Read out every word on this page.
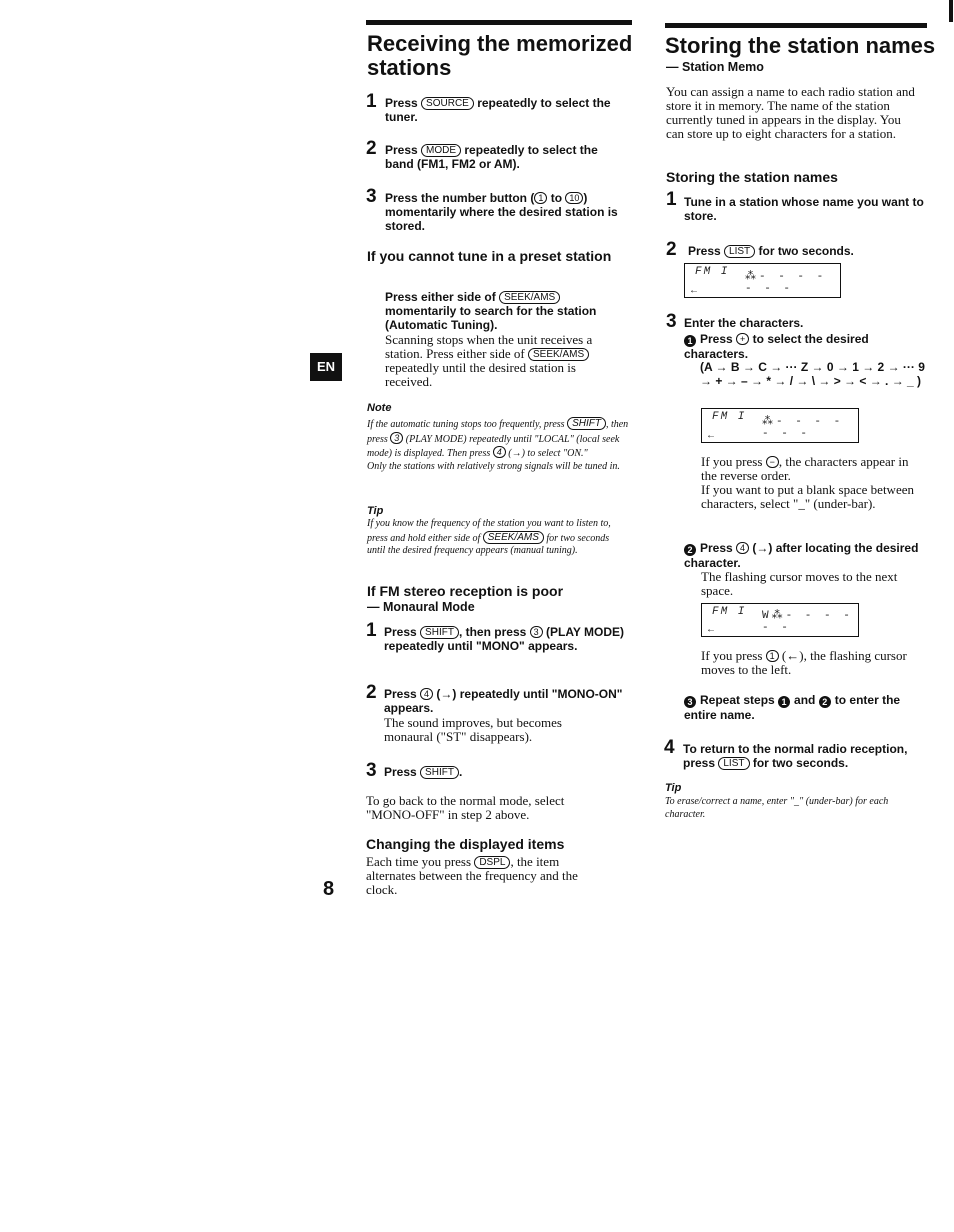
EN
Receiving the memorized stations
1 Press SOURCE repeatedly to select the tuner.
2 Press MODE repeatedly to select the band (FM1, FM2 or AM).
3 Press the number button ( 1 to 10 ) momentarily where the desired station is stored.
If you cannot tune in a preset station
Press either side of SEEK/AMS momentarily to search for the station (Automatic Tuning).
Scanning stops when the unit receives a station. Press either side of SEEK/AMS repeatedly until the desired station is received.
Note
If the automatic tuning stops too frequently, press SHIFT , then press 3 (PLAY MODE) repeatedly until "LOCAL" (local seek mode) is displayed. Then press 4 (→) to select "ON."
Only the stations with relatively strong signals will be tuned in.
Tip
If you know the frequency of the station you want to listen to, press and hold either side of SEEK/AMS for two seconds until the desired frequency appears (manual tuning).
If FM stereo reception is poor
— Monaural Mode
1 Press SHIFT , then press 3 (PLAY MODE) repeatedly until "MONO" appears.
2 Press 4 (→) repeatedly until "MONO-ON" appears.
The sound improves, but becomes monaural ("ST" disappears).
3 Press SHIFT .
To go back to the normal mode, select "MONO-OFF" in step 2 above.
Changing the displayed items
Each time you press DSPL , the item alternates between the frequency and the clock.
8
Storing the station names
— Station Memo
You can assign a name to each radio station and store it in memory. The name of the station currently tuned in appears in the display. You can store up to eight characters for a station.
Storing the station names
1 Tune in a station whose name you want to store.
2 Press LIST for two seconds.
FM I
←
⁂- - - - - - -
3 Enter the characters.
1 Press + to select the desired characters.
(A → B → C → ··· Z → 0 → 1 → 2 → ··· 9 → + → – → * → / → \ → > → < → . → _ )
FM I
←
⁂- - - - - - -
If you press − , the characters appear in the reverse order.
If you want to put a blank space between characters, select "_" (under-bar).
2 Press 4 (→) after locating the desired character.
The flashing cursor moves to the next space.
FM I
←
W⁂- - - - - -
If you press 1 (←), the flashing cursor moves to the left.
3 Repeat steps 1 and 2 to enter the entire name.
4 To return to the normal radio reception, press LIST for two seconds.
Tip
To erase/correct a name, enter "_" (under-bar) for each character.
